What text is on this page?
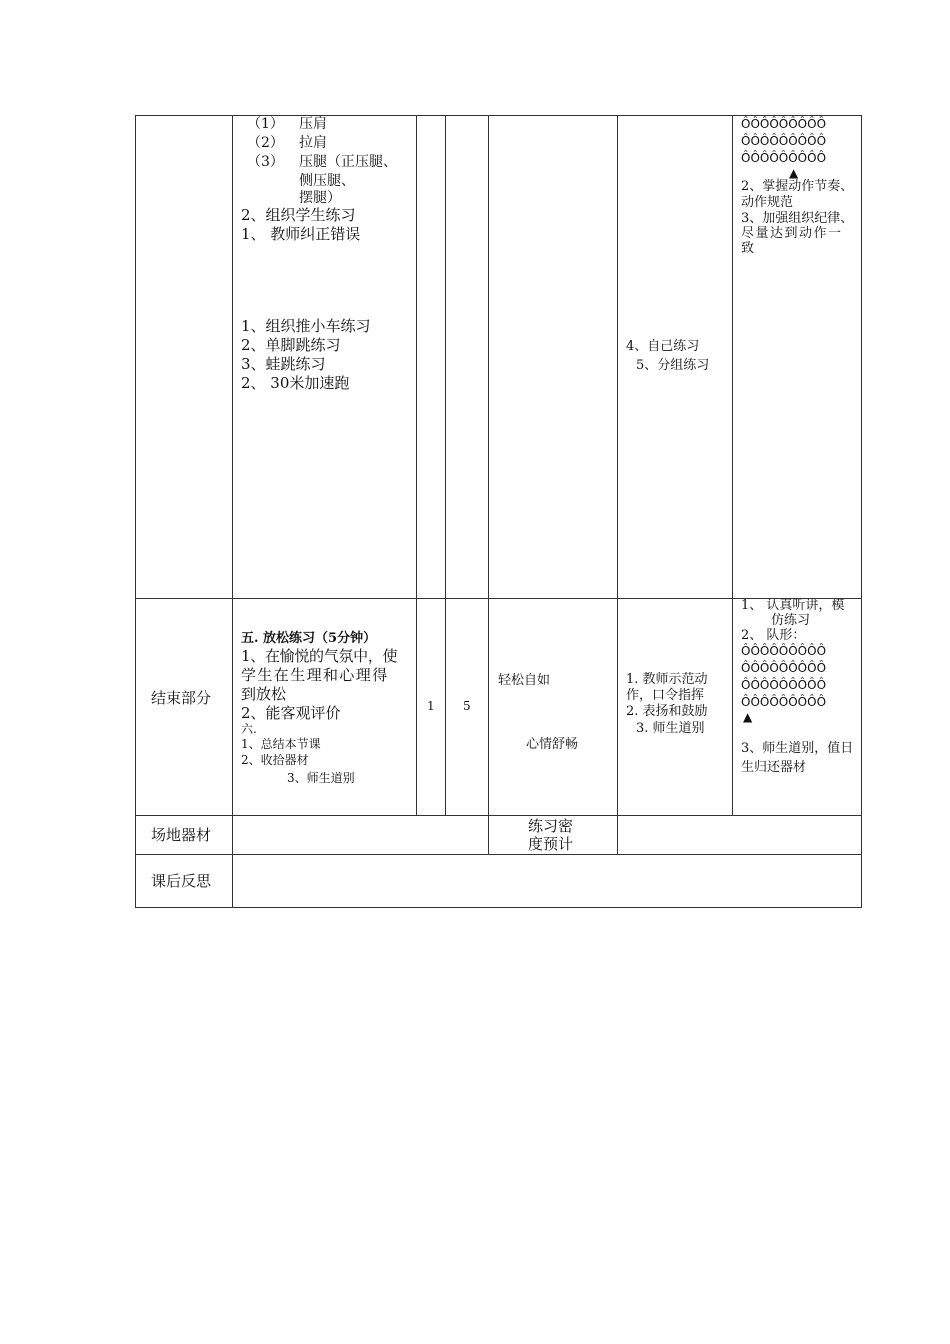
（1） 压肩
（2） 拉肩
（3） 压腿（正压腿、
侧压腿、
摆腿）
2、组织学生练习
1、 教师纠正错误
1、组织推小车练习
2、单脚跳练习
3、蛙跳练习
2、 30米加速跑
4、自己练习
5、分组练习
ÔÔÔÔÔÔÔÔÔ
ÔÔÔÔÔÔÔÔÔ
ÔÔÔÔÔÔÔÔÔ
▲
2、掌握动作节奏、
动作规范
3、加强组织纪律、
尽量达到动作一
致
结束部分
五. 放松练习（5分钟）
1、在愉悦的气氛中，使
学生在生理和心理得
到放松
2、能客观评价
六.
1、总结本节课
2、收拾器材
3、师生道别
1 5
轻松自如
心情舒畅
1. 教师示范动
作，口令指挥
2. 表扬和鼓励
3. 师生道别
1、 认真听讲，模
仿练习
2、 队形：
ÔÔÔÔÔÔÔÔÔ
ÔÔÔÔÔÔÔÔÔ
ÔÔÔÔÔÔÔÔÔ
ÔÔÔÔÔÔÔÔÔ
▲
3、师生道别，值日
生归还器材
场地器材	练习密
度预计
课后反思
